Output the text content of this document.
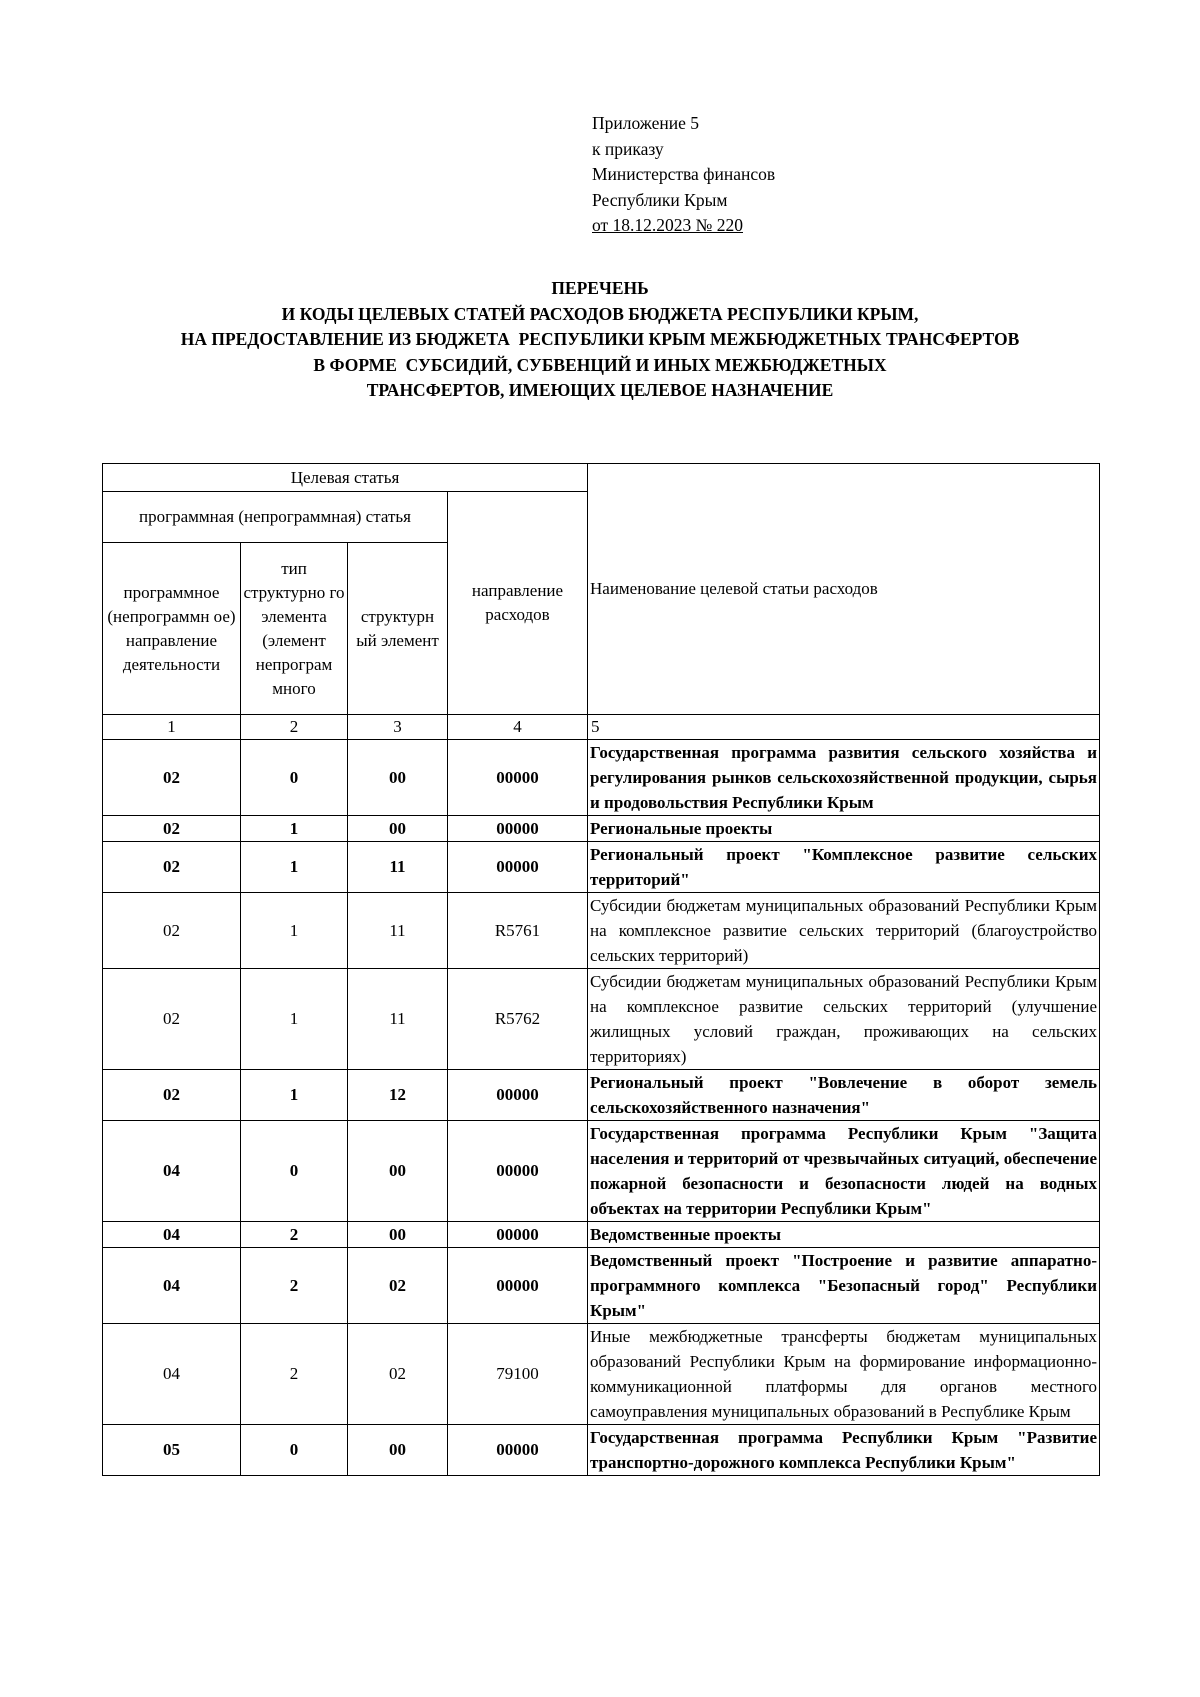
Приложение 5
к приказу
Министерства финансов
Республики Крым
от 18.12.2023 № 220
ПЕРЕЧЕНЬ
И КОДЫ ЦЕЛЕВЫХ СТАТЕЙ РАСХОДОВ БЮДЖЕТА РЕСПУБЛИКИ КРЫМ,
НА ПРЕДОСТАВЛЕНИЕ ИЗ БЮДЖЕТА  РЕСПУБЛИКИ КРЫМ МЕЖБЮДЖЕТНЫХ ТРАНСФЕРТОВ
В ФОРМЕ  СУБСИДИЙ, СУБВЕНЦИЙ И ИНЫХ МЕЖБЮДЖЕТНЫХ
ТРАНСФЕРТОВ, ИМЕЮЩИХ ЦЕЛЕВОЕ НАЗНАЧЕНИЕ
Целевая статья				Наименование целевой статьи расходов
программная (непрограммная) статья			направление расходов	
программное (непрограммн ое) направление деятельности	тип структурно го элемента (элемент непрограм много	структурн ый элемент		
1	2	3	4	5
02	0	00	00000	Государственная программа развития сельского хозяйства и регулирования рынков сельскохозяйственной продукции, сырья и продовольствия Республики Крым
02	1	00	00000	Региональные проекты
02	1	11	00000	Региональный проект "Комплексное развитие сельских территорий"
02	1	11	R5761	Субсидии бюджетам муниципальных образований Республики Крым на комплексное развитие сельских территорий (благоустройство сельских территорий)
02	1	11	R5762	Субсидии бюджетам муниципальных образований Республики Крым на комплексное развитие сельских территорий (улучшение жилищных условий граждан, проживающих на сельских территориях)
02	1	12	00000	Региональный проект "Вовлечение в оборот земель сельскохозяйственного назначения"
04	0	00	00000	Государственная программа Республики Крым "Защита населения и территорий от чрезвычайных ситуаций, обеспечение пожарной безопасности и безопасности людей на водных объектах на территории Республики Крым"
04	2	00	00000	Ведомственные проекты
04	2	02	00000	Ведомственный проект "Построение и развитие аппаратно-программного комплекса "Безопасный город" Республики Крым"
04	2	02	79100	Иные межбюджетные трансферты бюджетам муниципальных образований Республики Крым на формирование информационно-коммуникационной платформы для органов местного самоуправления муниципальных образований в Республике Крым
05	0	00	00000	Государственная программа Республики Крым "Развитие транспортно-дорожного комплекса Республики Крым"
